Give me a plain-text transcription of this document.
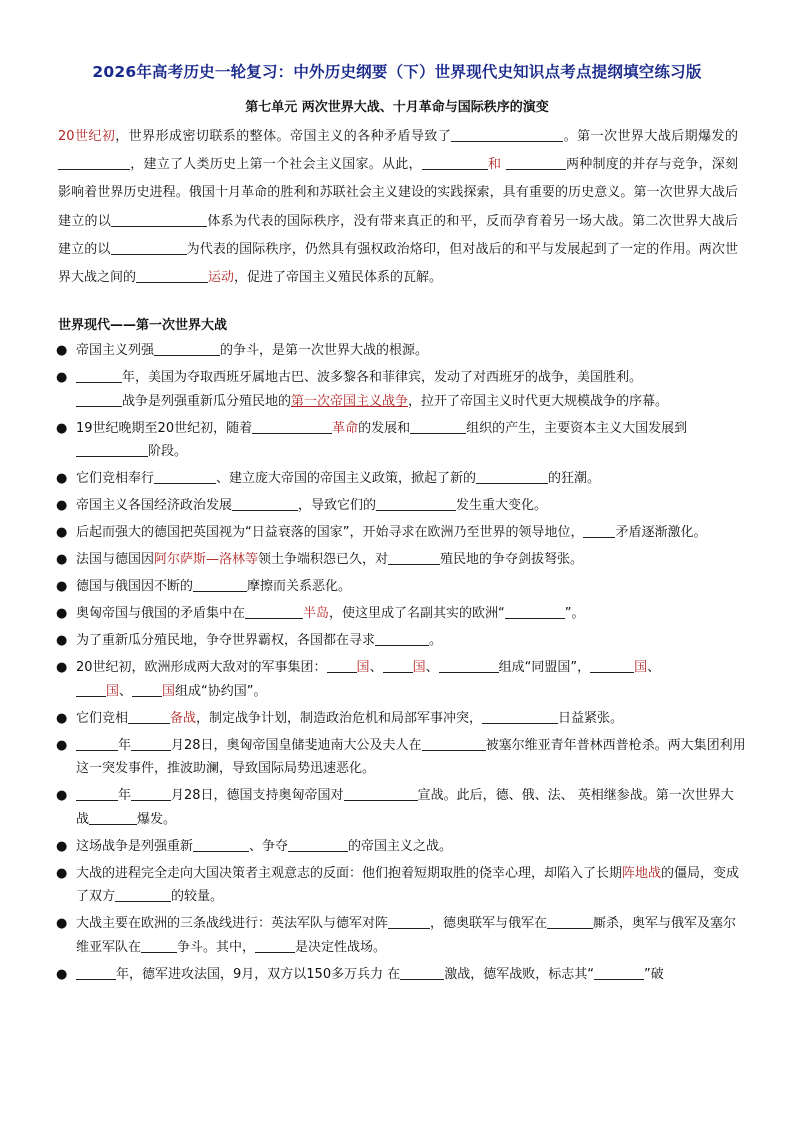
2026年高考历史一轮复习：中外历史纲要（下）世界现代史知识点考点提纲填空练习版
第七单元 两次世界大战、十月革命与国际秩序的演变
20世纪初，世界形成密切联系的整体。帝国主义的各种矛盾导致了	。第一次世界大战后期爆发的，建立了人类历史上第一个社会主义国家。从此，	和	两种制度的并存与竞争，深刻影响着世界历史进程。俄国十月革命的胜利和苏联社会主义建设的实践探索，具有重要的历史意义。第一次世界大战后建立的以	体系为代表的国际秩序，没有带来真正的和平，反而孕育着另一场大战。第二次世界大战后 建立的以	为代表的国际秩序，仍然具有强权政治烙印，但对战后的和平与发展起到了一定的作用。两次世界大战之间的	运动，促进了帝国主义殖民体系的瓦解。
世界现代——第一次世界大战
● 帝国主义列强	的争斗，是第一次世界大战的根源。
●	年，美国为夺取西班牙属地古巴、波多黎各和菲律宾，发动了对西班牙的战争，美国胜利。
战争是列强重新瓜分殖民地的第一次帝国主义战争，拉开了帝国主义时代更大规模战争的序幕。
● 19世纪晚期至20世纪初，随着	革命的发展和	组织的产生，主要资本主义大国发展到阶段。
● 它们竞相奉行	、建立庞大帝国的帝国主义政策，掀起了新的	的狂潮。
● 帝国主义各国经济政治发展	，导致它们的	发生重大变化。
● 后起而强大的德国把英国视为“日益衰落的国家”，开始寻求在欧洲乃至世界的领导地位， 矛盾逐渐激化。
● 法国与德国因阿尔萨斯—洛林等领土争端积怨已久，对	殖民地的争夺剑拔弩张。
● 德国与俄国因不断的	摩擦而关系恶化。
● 奥匈帝国与俄国的矛盾集中在	半岛，使这里成了名副其实的欧洲“	”。
● 为了重新瓜分殖民地，争夺世界霸权，各国都在寻求	。
● 20世纪初，欧洲形成两大敌对的军事集团： 国、 国、	组成“同盟国”，	国、
国、 国组成“协约国”。
● 它们竞相	备战，制定战争计划，制造政治危机和局部军事冲突，	日益紧张。
●	年	月28日，奥匈帝国皇储斐迪南大公及夫人在	被塞尔维亚青年普林西普枪杀。两大集团利用这一突发事件，推波助澜，导致国际局势迅速恶化。
●	年	月28日，德国支持奥匈帝国对	宣战。此后，德、俄、法、 英相继参战。第一次世界大战	爆发。
● 这场战争是列强重新	、争夺	的帝国主义之战。
● 大战的进程完全走向大国决策者主观意志的反面：他们抱着短期取胜的侥幸心理，却陷入了长期阵地战的僵局，变成了双方	的较量。
● 大战主要在欧洲的三条战线进行：英法军队与德军对阵	，德奥联军与俄军在	厮杀，奥军与俄军及塞尔维亚军队在	争斗。其中，	是决定性战场。
●	年，德军进攻法国，9月，双方以150多万兵力 在	激战，德军战败，标志其“	”破
